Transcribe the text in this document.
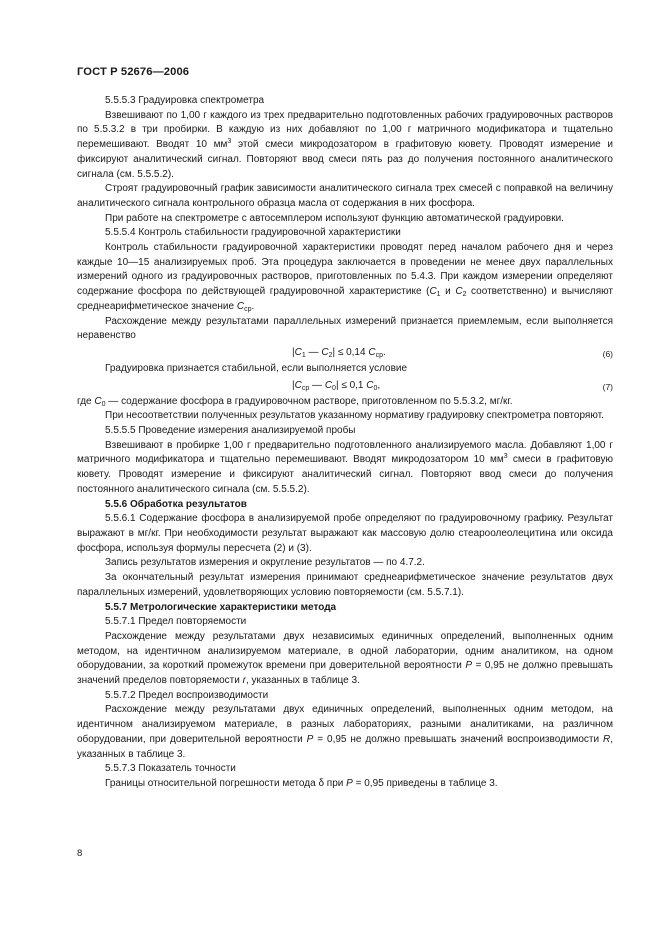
ГОСТ Р 52676—2006

5.5.5.3 Градуировка спектрометра

Взвешивают по 1,00 г каждого из трех предварительно подготовленных рабочих градуировочных растворов по 5.5.3.2 в три пробирки. В каждую из них добавляют по 1,00 г матричного модификатора и тщательно перемешивают. Вводят 10 $мм^3$ этой смеси микродозатором в графитовую кювету. Проводят измерение и фиксируют аналитический сигнал. Повторяют ввод смеси пять раз до получения постоянного аналитического сигнала (см. 5.5.5.2).

Строят градуировочный график зависимости аналитического сигнала трех смесей с поправкой на величину аналитического сигнала контрольного образца масла от содержания в них фосфора.

При работе на спектрометре с автосемплером используют функцию автоматической градуировки.

5.5.5.4 Контроль стабильности градуировочной характеристики

Контроль стабильности градуировочной характеристики проводят перед началом рабочего дня и через каждые 10—15 анализируемых проб. Эта процедура заключается в проведении не менее двух параллельных измерений одного из градуировочных растворов, приготовленных по 5.4.3. При каждом измерении определяют содержание фосфора по действующей градуировочной характеристике ($C_1$ и $C_2$ соответственно) и вычисляют среднеарифметическое значение $C_{ср}$.

Расхождение между результатами параллельных измерений признается приемлемым, если выполняется неравенство

$|C_1$ — $C_2| \le 0,14$ $C_{ср}$.	(6)

Градуировка признается стабильной, если выполняется условие

$|C_{ср}$ — $C_0| \le 0,1$ $C_0$,	(7)

где $C_0$ — содержание фосфора в градуировочном растворе, приготовленном по 5.5.3.2, мг/кг.

При несоответствии полученных результатов указанному нормативу градуировку спектрометра повторяют.

5.5.5.5 Проведение измерения анализируемой пробы

Взвешивают в пробирке 1,00 г предварительно подготовленного анализируемого масла. Добавляют 1,00 г матричного модификатора и тщательно перемешивают. Вводят микродозатором 10 $мм^3$ смеси в графитовую кювету. Проводят измерение и фиксируют аналитический сигнал. Повторяют ввод смеси до получения постоянного аналитического сигнала (см. 5.5.5.2).

5.5.6 Обработка результатов

5.5.6.1 Содержание фосфора в анализируемой пробе определяют по градуировочному графику. Результат выражают в мг/кг. При необходимости результат выражают как массовую долю стеароолеолецитина или оксида фосфора, используя формулы пересчета (2) и (3).

Запись результатов измерения и округление результатов — по 4.7.2.

За окончательный результат измерения принимают среднеарифметическое значение результатов двух параллельных измерений, удовлетворяющих условию повторяемости (см. 5.5.7.1).

5.5.7 Метрологические характеристики метода

5.5.7.1 Предел повторяемости

Расхождение между результатами двух независимых единичных определений, выполненных одним методом, на идентичном анализируемом материале, в одной лаборатории, одним аналитиком, на одном оборудовании, за короткий промежуток времени при доверительной вероятности P = 0,95 не должно превышать значений пределов повторяемости r, указанных в таблице 3.

5.5.7.2 Предел воспроизводимости

Расхождение между результатами двух единичных определений, выполненных одним методом, на идентичном анализируемом материале, в разных лабораториях, разными аналитиками, на различном оборудовании, при доверительной вероятности P = 0,95 не должно превышать значений воспроизводимости R, указанных в таблице 3.

5.5.7.3 Показатель точности

Границы относительной погрешности метода δ при P = 0,95 приведены в таблице 3.

8
